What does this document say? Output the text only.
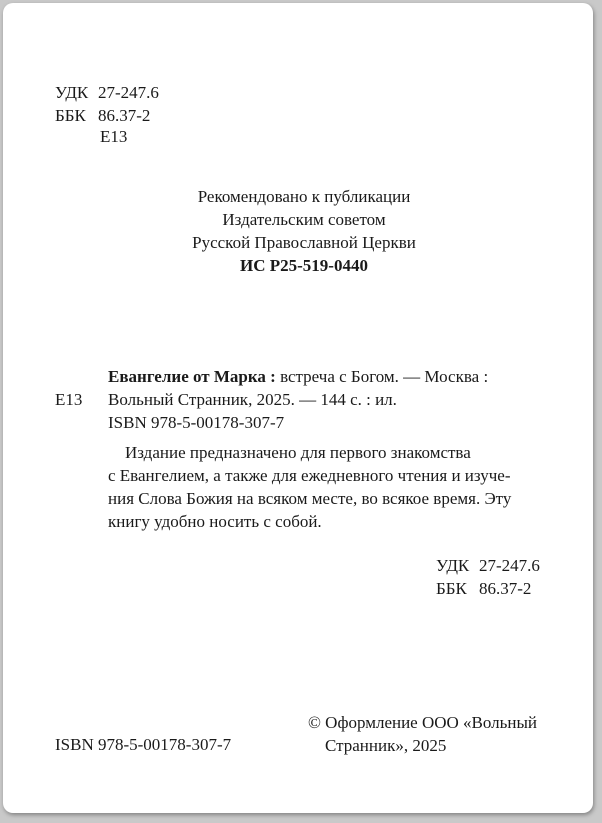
УДК 27-247.6
ББК 86.37-2
Е13
Рекомендовано к публикации
Издательским советом
Русской Православной Церкви
ИС Р25-519-0440
Е13
Евангелие от Марка : встреча с Богом. — Москва :
Вольный Странник, 2025. — 144 с. : ил.
ISBN 978-5-00178-307-7
Издание предназначено для первого знакомства
с Евангелием, а также для ежедневного чтения и изуче-
ния Слова Божия на всяком месте, во всякое время. Эту
книгу удобно носить с собой.
УДК 27-247.6
ББК 86.37-2
ISBN 978-5-00178-307-7
© Оформление ООО «Вольный
Странник», 2025
